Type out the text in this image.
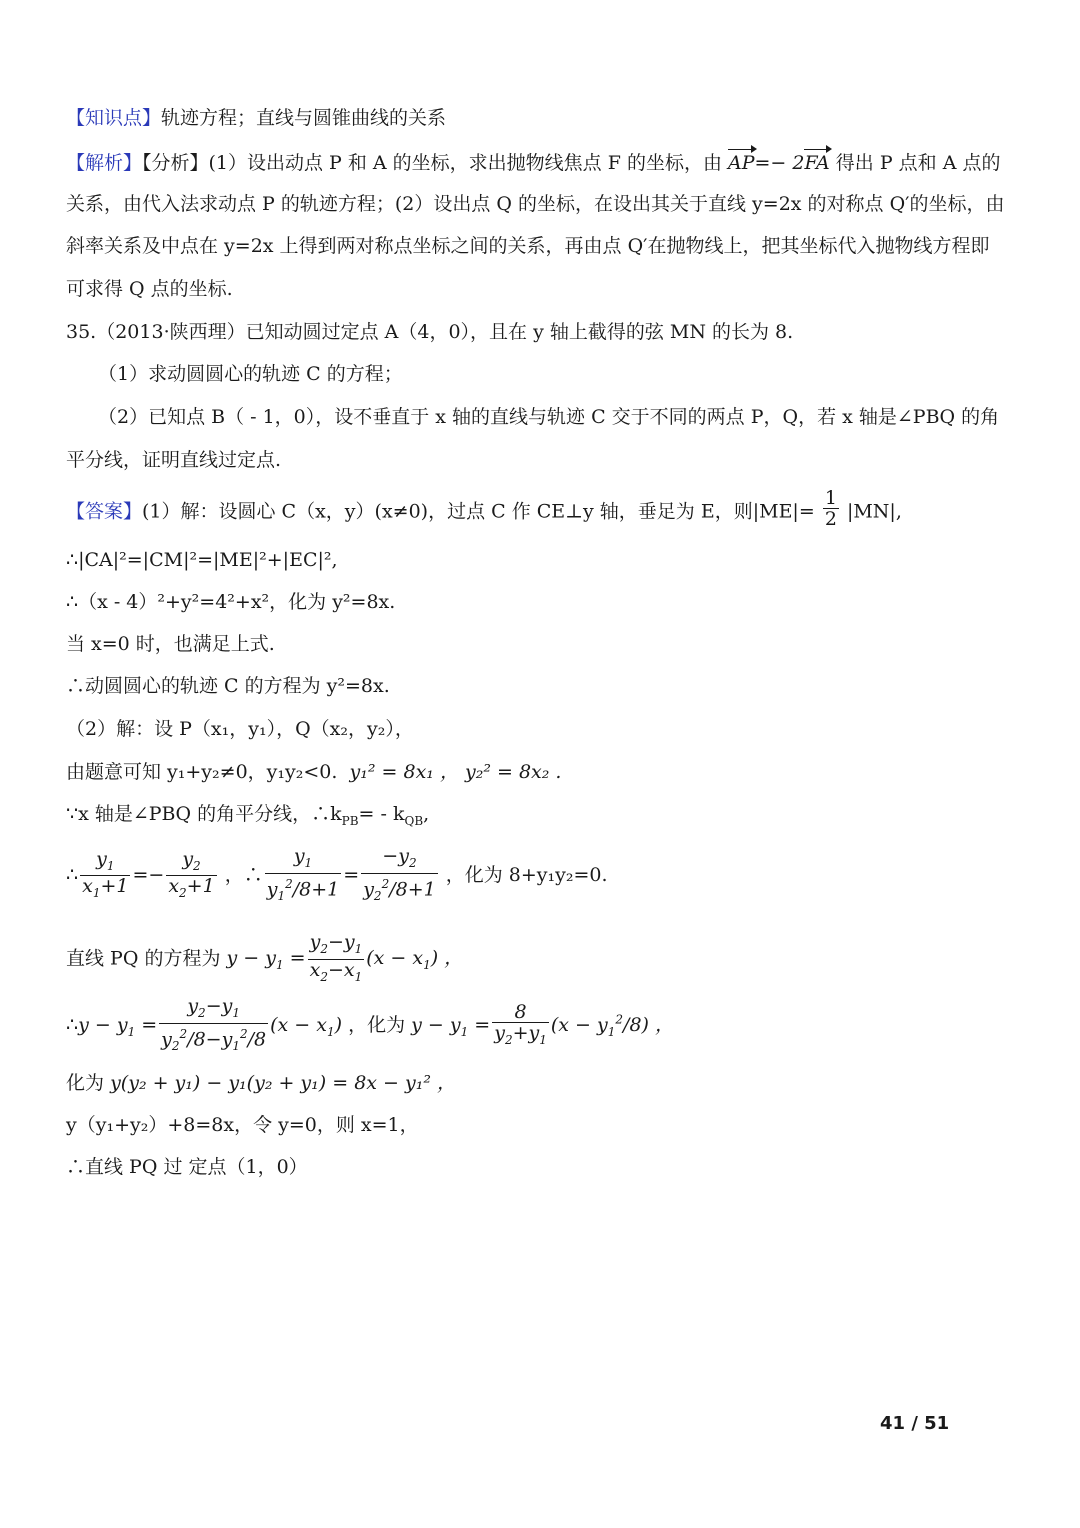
【知识点】轨迹方程；直线与圆锥曲线的关系
【解析】【分析】(1）设出动点 P 和 A 的坐标，求出抛物线焦点 F 的坐标，由 AP=− 2FA 得出 P 点和 A 点的
关系，由代入法求动点 P 的轨迹方程；(2）设出点 Q 的坐标，在设出其关于直线 y=2x 的对称点 Q′的坐标，由
斜率关系及中点在 y=2x 上得到两对称点坐标之间的关系，再由点 Q′在抛物线上，把其坐标代入抛物线方程即
可求得 Q 点的坐标.
35.（2013·陕西理）已知动圆过定点 A（4，0），且在 y 轴上截得的弦 MN 的长为 8.
（1）求动圆圆心的轨迹 C 的方程；
（2）已知点 B（ - 1，0），设不垂直于 x 轴的直线与轨迹 C 交于不同的两点 P，Q，若 x 轴是∠PBQ 的角
平分线，证明直线过定点.
【答案】(1）解：设圆心 C（x，y）(x≠0)，过点 C 作 CE⊥y 轴，垂足为 E，则$|ME|= \frac{1}{2} |MN|$,
∴|CA|²=|CM|²=|ME|²+|EC|²,
∴（x - 4）²+y²=4²+x²，化为 y²=8x.
当 x=0 时，也满足上式.
∴动圆圆心的轨迹 C 的方程为 y²=8x.
（2）解：设 P（x₁，y₁），Q（x₂，y₂），
由题意可知 y₁+y₂≠0，y₁y₂<0. y₁² = 8x₁ ， y₂² = 8x₂ .
∵x 轴是∠PBQ 的角平分线，$\therefore k_{PB}= - k_{QB}$,
∴ $\frac{y_1}{x_1+1} =- \frac{y_2}{x_2+1}$ ，∴ $\frac{y_1}{y_1^2/8+1} = \frac{-y_2}{y_2^2/8+1}$ ，化为 8+y₁y₂=0.
直线 PQ 的方程为 $y - y_1 = \frac{y_2-y_1}{x_2-x_1} (x - x_1)$ ，
∴y − $y_1 = \frac{y_2-y_1}{y_2^2/8-y_1^2/8} (x - x_1)$ ，化为 $y - y_1 = \frac{8}{y_2+y_1} (x - y_1^2/8)$ ，
化为 y(y₂ + y₁) − y₁(y₂ + y₁) = 8x − y₁² ，
y（y₁+y₂）+8=8x，令 y=0，则 x=1，
∴直线 PQ 过 定点（1，0）
41 / 51
